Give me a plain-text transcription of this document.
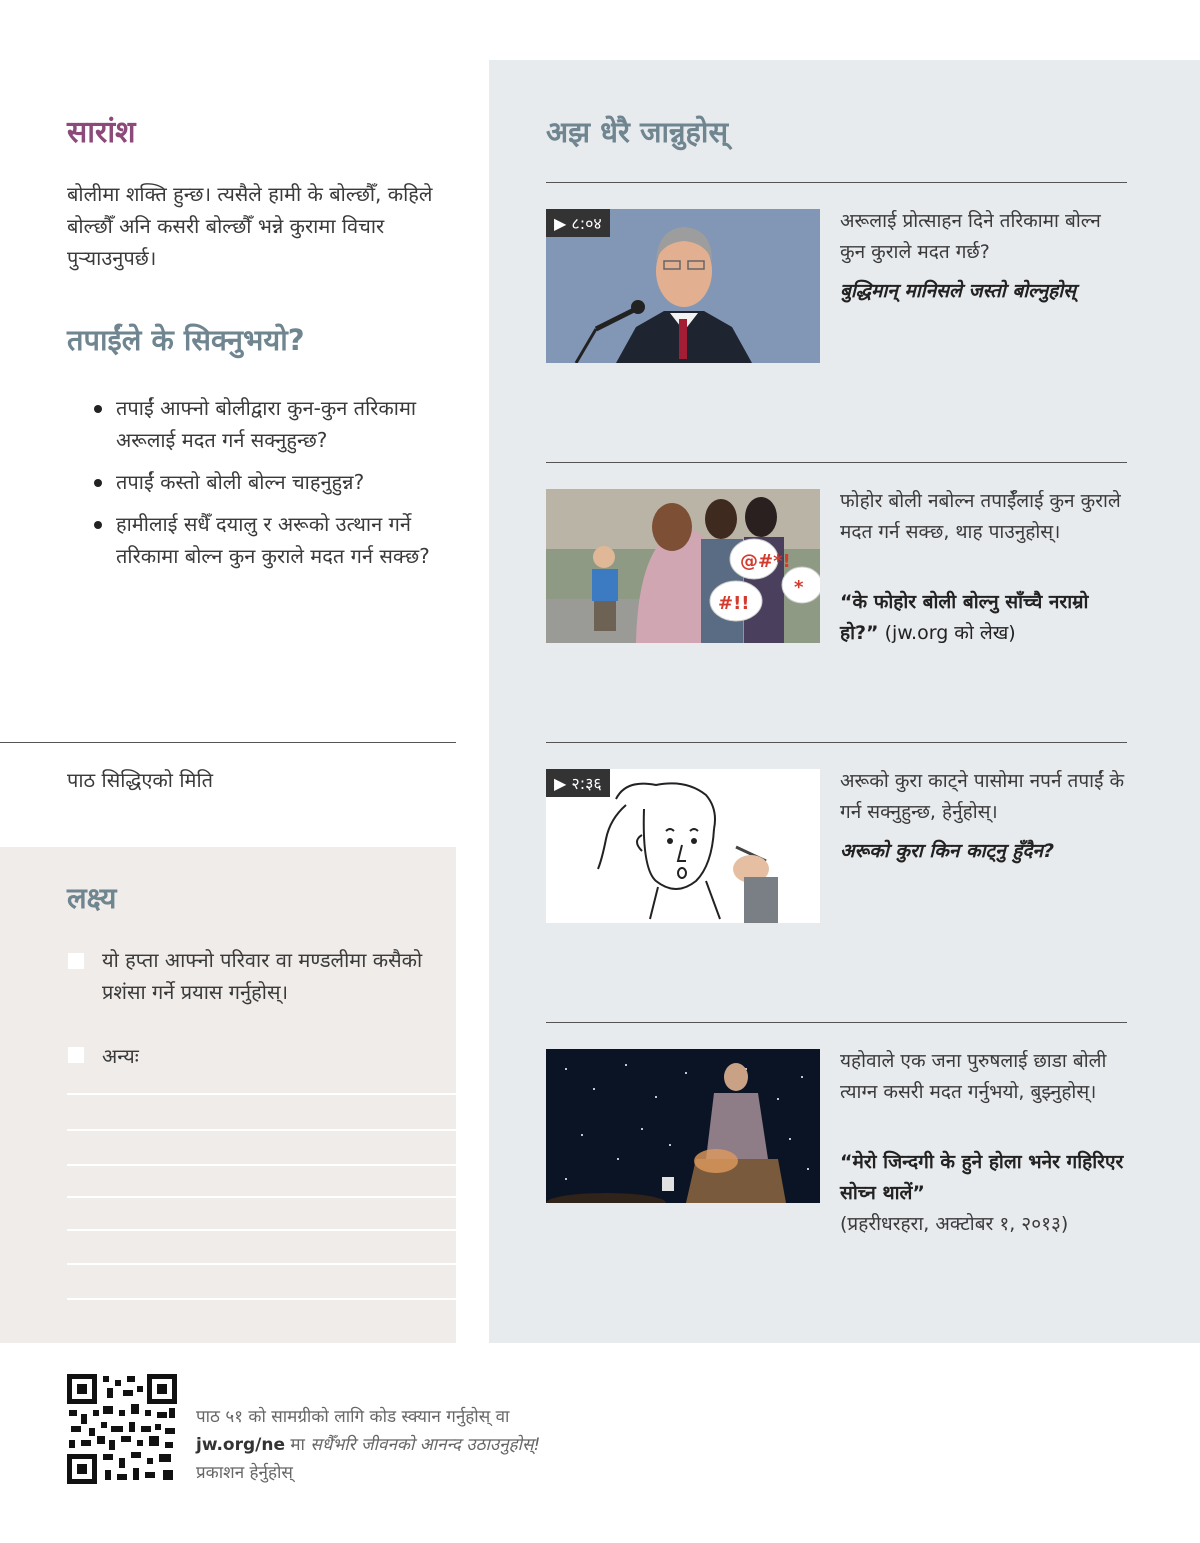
सारांश
बोलीमा शक्ति हुन्छ। त्यसैले हामी के बोल्छौँ, कहिले बोल्छौँ अनि कसरी बोल्छौँ भन्ने कुरामा विचार पुऱ्याउनुपर्छ।
तपाईंले के सिक्नुभयो?
तपाईं आफ्नो बोलीद्वारा कुन-कुन तरिकामा अरूलाई मदत गर्न सक्नुहुन्छ?
तपाईं कस्तो बोली बोल्न चाहनुहुन्न?
हामीलाई सधैँ दयालु र अरूको उत्थान गर्ने तरिकामा बोल्न कुन कुराले मदत गर्न सक्छ?
पाठ सिद्धिएको मिति
लक्ष्य
यो हप्ता आफ्नो परिवार वा मण्डलीमा कसैको प्रशंसा गर्ने प्रयास गर्नुहोस्।
अन्यः
अझ धेरै जान्नुहोस्
▶ ८:०४	अरूलाई प्रोत्साहन दिने तरिकामा बोल्न कुन कुराले मदत गर्छ?
बुद्धिमान् मानिसले जस्तो बोल्नुहोस्
@#*!
#!!
*
फोहोर बोली नबोल्न तपाईँलाई कुन कुराले मदत गर्न सक्छ, थाह पाउनुहोस्।
“के फोहोर बोली बोल्नु साँच्चै नराम्रो हो?” (jw.org को लेख)
▶ २:३६	अरूको कुरा काट्ने पासोमा नपर्न तपाईं के गर्न सक्नुहुन्छ, हेर्नुहोस्।
अरूको कुरा किन काट्नु हुँदैन?
यहोवाले एक जना पुरुषलाई छाडा बोली त्याग्न कसरी मदत गर्नुभयो, बुझ्नुहोस्।
“मेरो जिन्दगी के हुने होला भनेर गहिरिएर सोच्न थालें”
(प्रहरीधरहरा, अक्टोबर १, २०१३)
पाठ ५१ को सामग्रीको लागि कोड स्क्यान गर्नुहोस् वा
jw.org/ne मा सधैँभरि जीवनको आनन्द उठाउनुहोस्!
प्रकाशन हेर्नुहोस्
